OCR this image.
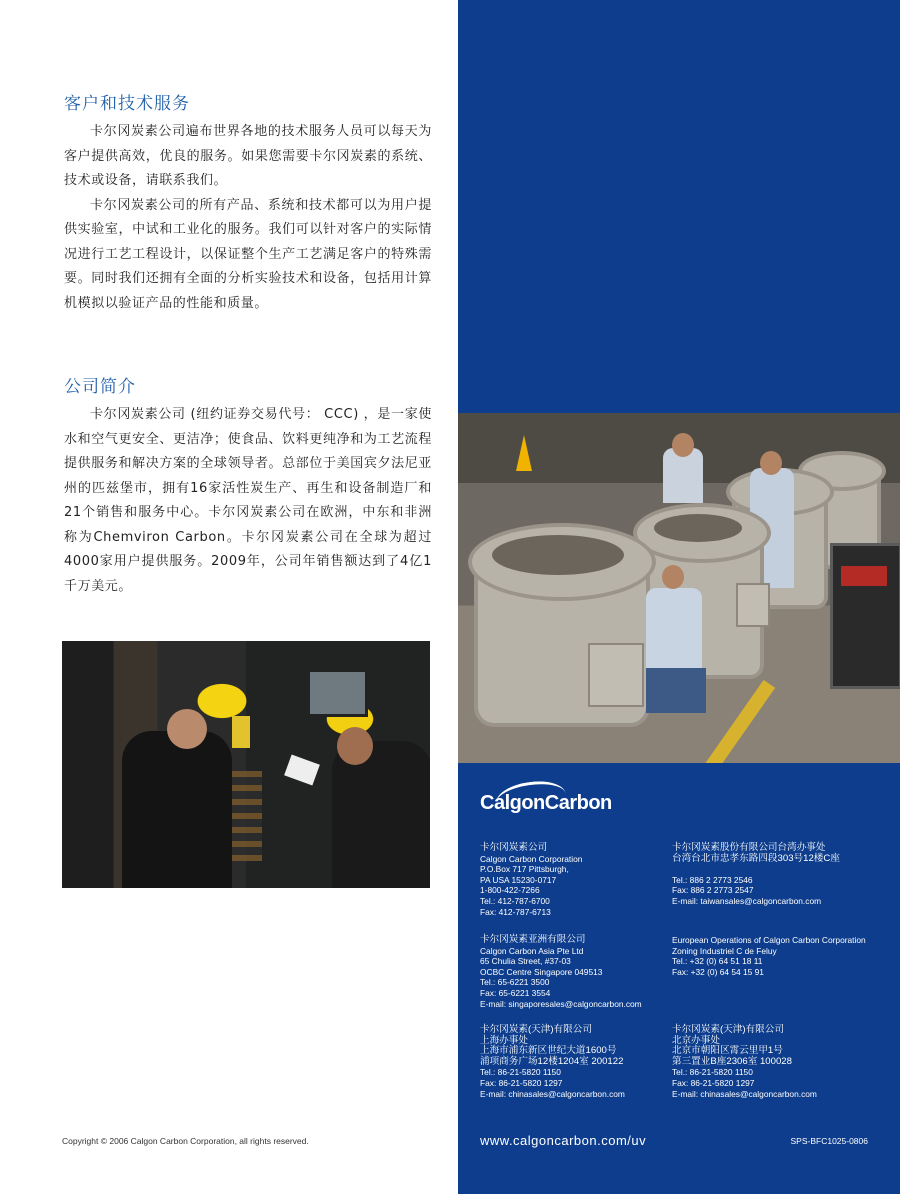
客户和技术服务

卡尔冈炭素公司遍布世界各地的技术服务人员可以每天为客户提供高效，优良的服务。如果您需要卡尔冈炭素的系统、技术或设备，请联系我们。

卡尔冈炭素公司的所有产品、系统和技术都可以为用户提供实验室，中试和工业化的服务。我们可以针对客户的实际情况进行工艺工程设计，以保证整个生产工艺满足客户的特殊需要。同时我们还拥有全面的分析实验技术和设备，包括用计算机模拟以验证产品的性能和质量。

公司简介

卡尔冈炭素公司 (纽约证券交易代号： CCC) ，是一家使水和空气更安全、更洁净；使食品、饮料更纯净和为工艺流程提供服务和解决方案的全球领导者。总部位于美国宾夕法尼亚州的匹兹堡市，拥有16家活性炭生产、再生和设备制造厂和21个销售和服务中心。卡尔冈炭素公司在欧洲，中东和非洲称为Chemviron Carbon。卡尔冈炭素公司在全球为超过4000家用户提供服务。2009年，公司年销售额达到了4亿1千万美元。

Copyright © 2006 Calgon Carbon Corporation, all rights reserved.
CalgonCarbon
卡尔冈炭素公司
Calgon Carbon Corporation
P.O.Box 717 Pittsburgh,
PA USA 15230-0717
1-800-422-7266
Tel.: 412-787-6700
Fax: 412-787-6713
卡尔冈炭素股份有限公司台湾办事处
台湾台北市忠孝东路四段303号12楼C座

Tel.: 886 2 2773 2546
Fax: 886 2 2773 2547
E-mail: taiwansales@calgoncarbon.com
卡尔冈炭素亚洲有限公司
Calgon Carbon Asia Pte Ltd
65 Chulia Street, #37-03
OCBC Centre Singapore 049513
Tel.: 65-6221 3500
Fax: 65-6221 3554
E-mail: singaporesales@calgoncarbon.com
European Operations of Calgon Carbon Corporation
Zoning Industriel C de Feluy
Tel.: +32 (0) 64 51 18 11
Fax: +32 (0) 64 54 15 91
卡尔冈炭素(天津)有限公司
上海办事处
上海市浦东新区世纪大道1600号
浦项商务广场12楼1204室 200122
Tel.: 86-21-5820 1150
Fax: 86-21-5820 1297
E-mail: chinasales@calgoncarbon.com
卡尔冈炭素(天津)有限公司
北京办事处
北京市朝阳区霄云里甲1号
第三置业B座2306室 100028
Tel.: 86-21-5820 1150
Fax: 86-21-5820 1297
E-mail: chinasales@calgoncarbon.com
www.calgoncarbon.com/uv	SPS-BFC1025-0806
